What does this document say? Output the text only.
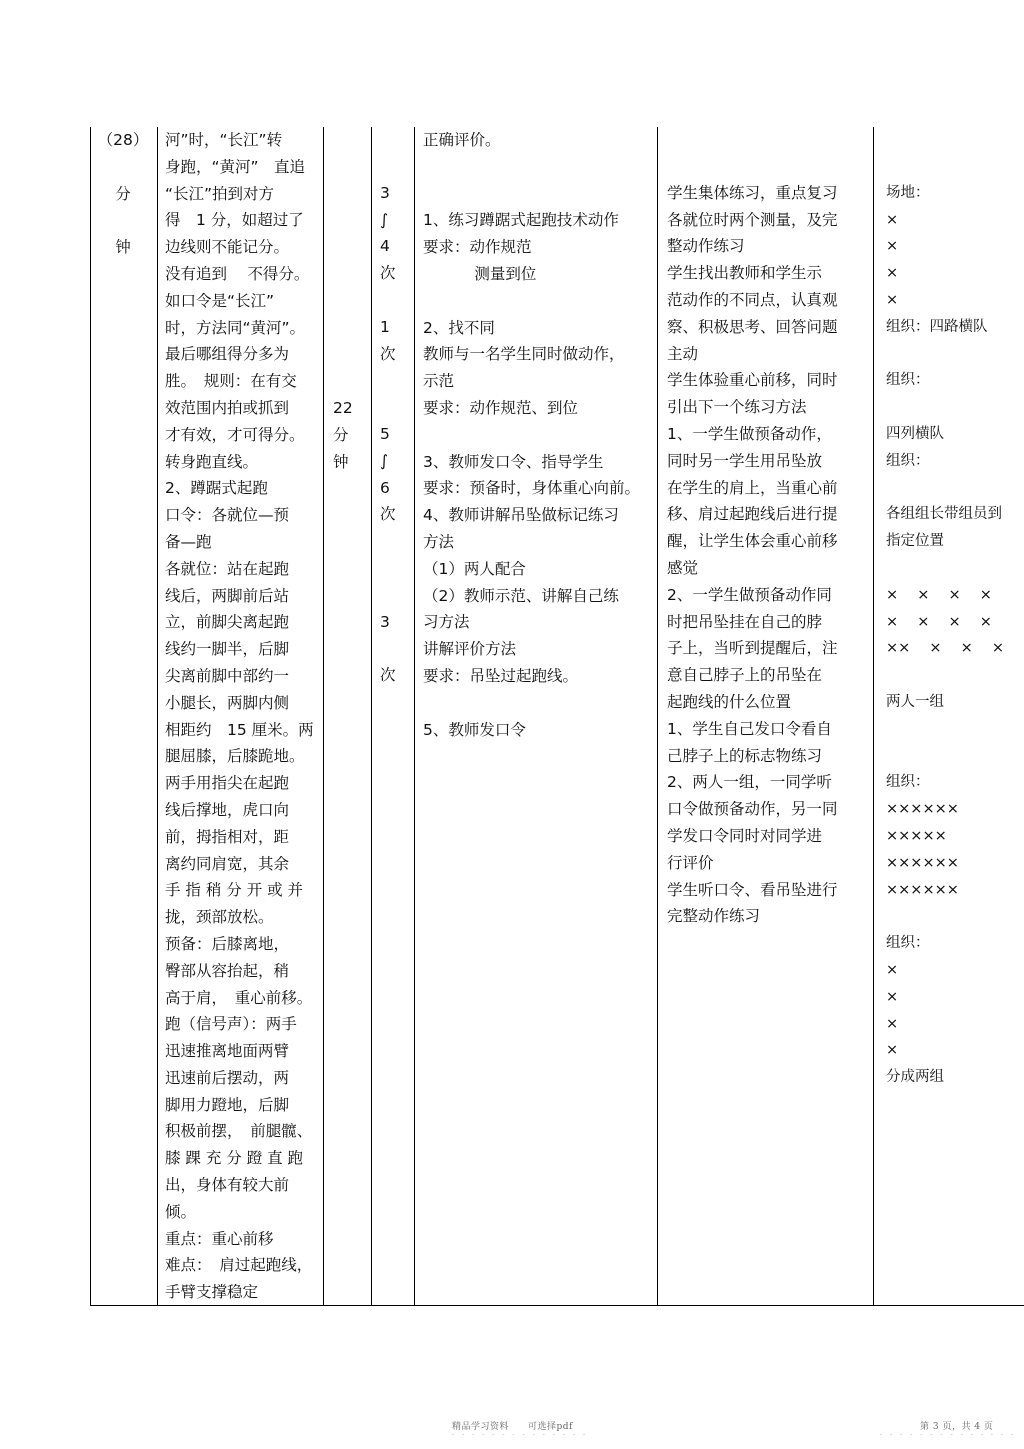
（28）
分
钟
河”时，“长江”转
身跑，“黄河”　直追
“长江”拍到对方
得　1 分，如超过了
边线则不能记分。
没有追到　 不得分。
如口令是“长江”
时，方法同“黄河”。
最后哪组得分多为
胜。　规则：在有交
效范围内拍或抓到
才有效，才可得分。
转身跑直线。
2、蹲踞式起跑
口令：各就位—预
备—跑
各就位：站在起跑
线后，两脚前后站
立，前脚尖离起跑
线约一脚半，后脚
尖离前脚中部约一
小腿长，两脚内侧
相距约　15 厘米。两
腿屈膝，后膝跪地。
两手用指尖在起跑
线后撑地，虎口向
前，拇指相对，距
离约同肩宽，其余
手 指 稍 分 开 或 并
拢，颈部放松。
预备：后膝离地，
臀部从容抬起，稍
高于肩，　重心前移。
跑（信号声）：两手
迅速推离地面两臂
迅速前后摆动，两
脚用力蹬地，后脚
积极前摆，　前腿髋、
膝 踝 充 分 蹬 直 跑
出，身体有较大前
倾。
重点：重心前移
难点：　肩过起跑线，
手臂支撑稳定
22
分
钟
3
∫
4
次
1
次
5
∫
6
次
3
次
正确评价。
1、练习蹲踞式起跑技术动作
要求：动作规范
　　　 测量到位
2、找不同
教师与一名学生同时做动作，
示范
要求：动作规范、到位
3、教师发口令、指导学生
要求：预备时，身体重心向前。
4、教师讲解吊坠做标记练习
方法
（1）两人配合
（2）教师示范、讲解自己练
习方法
讲解评价方法
要求：吊坠过起跑线。
5、教师发口令
学生集体练习，重点复习
各就位时两个测量，及完
整动作练习
学生找出教师和学生示
范动作的不同点，认真观
察、积极思考、回答问题
主动
学生体验重心前移，同时
引出下一个练习方法
1、一学生做预备动作，
同时另一学生用吊坠放
在学生的肩上，当重心前
移、肩过起跑线后进行提
醒，让学生体会重心前移
感觉
2、一学生做预备动作同
时把吊坠挂在自己的脖
子上，当听到提醒后，注
意自己脖子上的吊坠在
起跑线的什么位置
1、学生自己发口令看自
己脖子上的标志物练习
2、两人一组，一同学听
口令做预备动作，另一同
学发口令同时对同学进
行评价
学生听口令、看吊坠进行
完整动作练习
场地：
×
×
×
×
组织：四路横队
组织：
四列横队
组织：
各组组长带组员到
指定位置
×　 ×　 ×　 ×
×　 ×　 ×　 ×
××　 ×　 ×　 ×
两人一组
组织：
××××××
×××××
××××××
××××××
组织：
×
×
×
×
分成两组
精品学习资料　　可选择pdf	第 3 页，共 4 页
- - - - - - - - - - - - - -	- - - - - - - - - - - - - -
